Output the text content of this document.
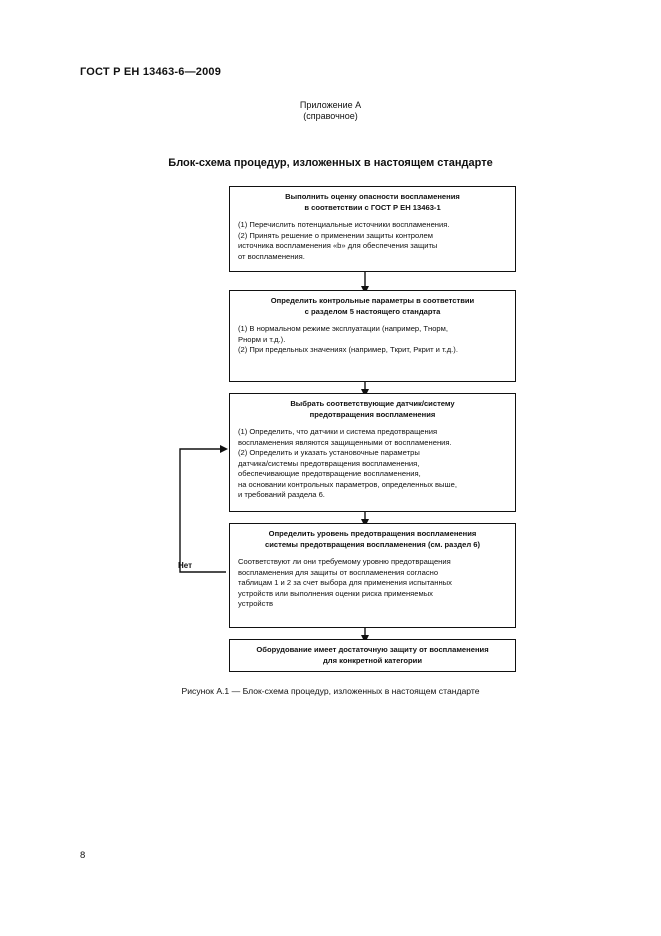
ГОСТ Р ЕН 13463-6—2009
Приложение А
(справочное)
Блок-схема процедур, изложенных в настоящем стандарте
Выполнить оценку опасности воспламенения
в соответствии с ГОСТ Р ЕН 13463-1
(1) Перечислить потенциальные источники воспламенения.
(2) Принять решение о применении защиты контролем
источника воспламенения «b» для обеспечения защиты
от воспламенения.
Определить контрольные параметры в соответствии
с разделом 5 настоящего стандарта
(1) В нормальном режиме эксплуатации (например, Tнорм,
Pнорм и т.д.).
(2) При предельных значениях (например, Tкрит, Pкрит и т.д.).
Выбрать соответствующие датчик/систему
предотвращения воспламенения
(1) Определить, что датчики и система предотвращения
воспламенения являются защищенными от воспламенения.
(2) Определить и указать установочные параметры
датчика/системы предотвращения воспламенения,
обеспечивающие предотвращение воспламенения,
на основании контрольных параметров, определенных выше,
и требований раздела 6.
Определить уровень предотвращения воспламенения
системы предотвращения воспламенения (см. раздел 6)
Соответствуют ли они требуемому уровню предотвращения
воспламенения для защиты от воспламенения согласно
таблицам 1 и 2 за счет выбора для применения испытанных
устройств или выполнения оценки риска применяемых
устройств
Оборудование имеет достаточную защиту от воспламенения
для конкретной категории
Нет
Рисунок А.1 — Блок-схема процедур, изложенных в настоящем стандарте
8
